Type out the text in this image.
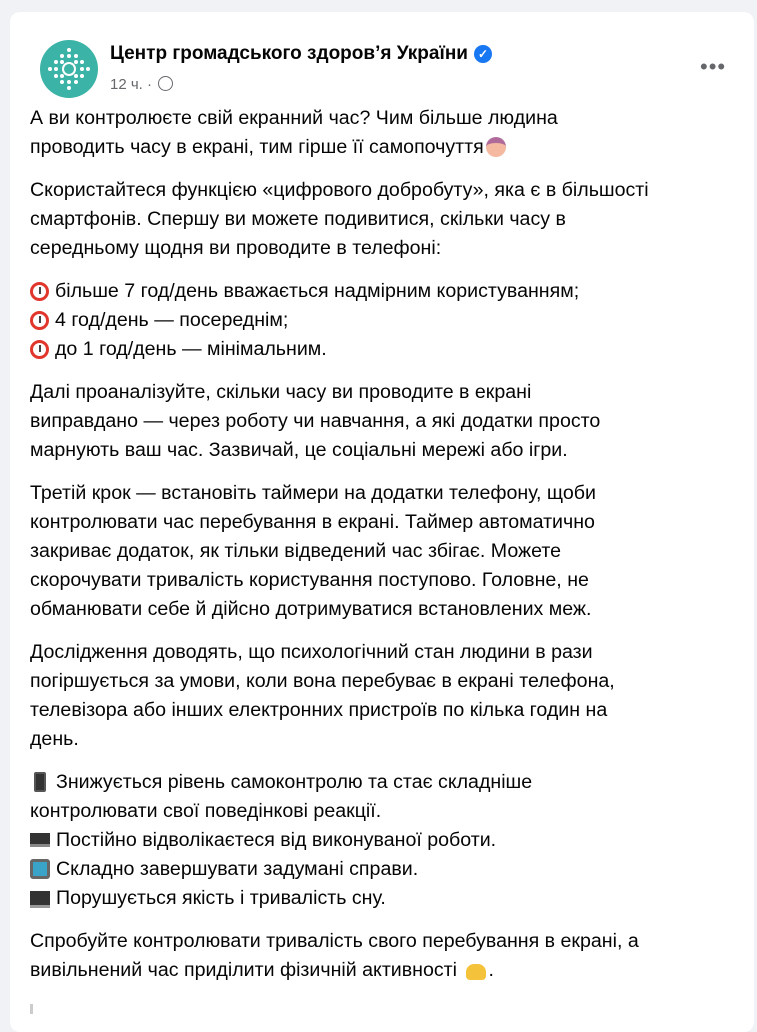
Центр громадського здоров’я України ✓
12 ч. ·
•••
А ви контролюєте свій екранний час? Чим більше людина
проводить часу в екрані, тим гірше її самопочуття
Скористайтеся функцією «цифрового добробуту», яка є в більшості
смартфонів. Спершу ви можете подивитися, скільки часу в
середньому щодня ви проводите в телефоні:
більше 7 год/день вважається надмірним користуванням;
4 год/день — посереднім;
до 1 год/день — мінімальним.
Далі проаналізуйте, скільки часу ви проводите в екрані
виправдано — через роботу чи навчання, а які додатки просто
марнують ваш час. Зазвичай, це соціальні мережі або ігри.
Третій крок — встановіть таймери на додатки телефону, щоби
контролювати час перебування в екрані. Таймер автоматично
закриває додаток, як тільки відведений час збігає. Можете
скорочувати тривалість користування поступово. Головне, не
обманювати себе й дійсно дотримуватися встановлених меж.
Дослідження доводять, що психологічний стан людини в рази
погіршується за умови, коли вона перебуває в екрані телефона,
телевізора або інших електронних пристроїв по кілька годин на
день.
Знижується рівень самоконтролю та стає складніше
контролювати свої поведінкові реакції.
Постійно відволікаєтеся від виконуваної роботи.
Складно завершувати задумані справи.
Порушується якість і тривалість сну.
Спробуйте контролювати тривалість свого перебування в екрані, а
вивільнений час приділити фізичній активності .
